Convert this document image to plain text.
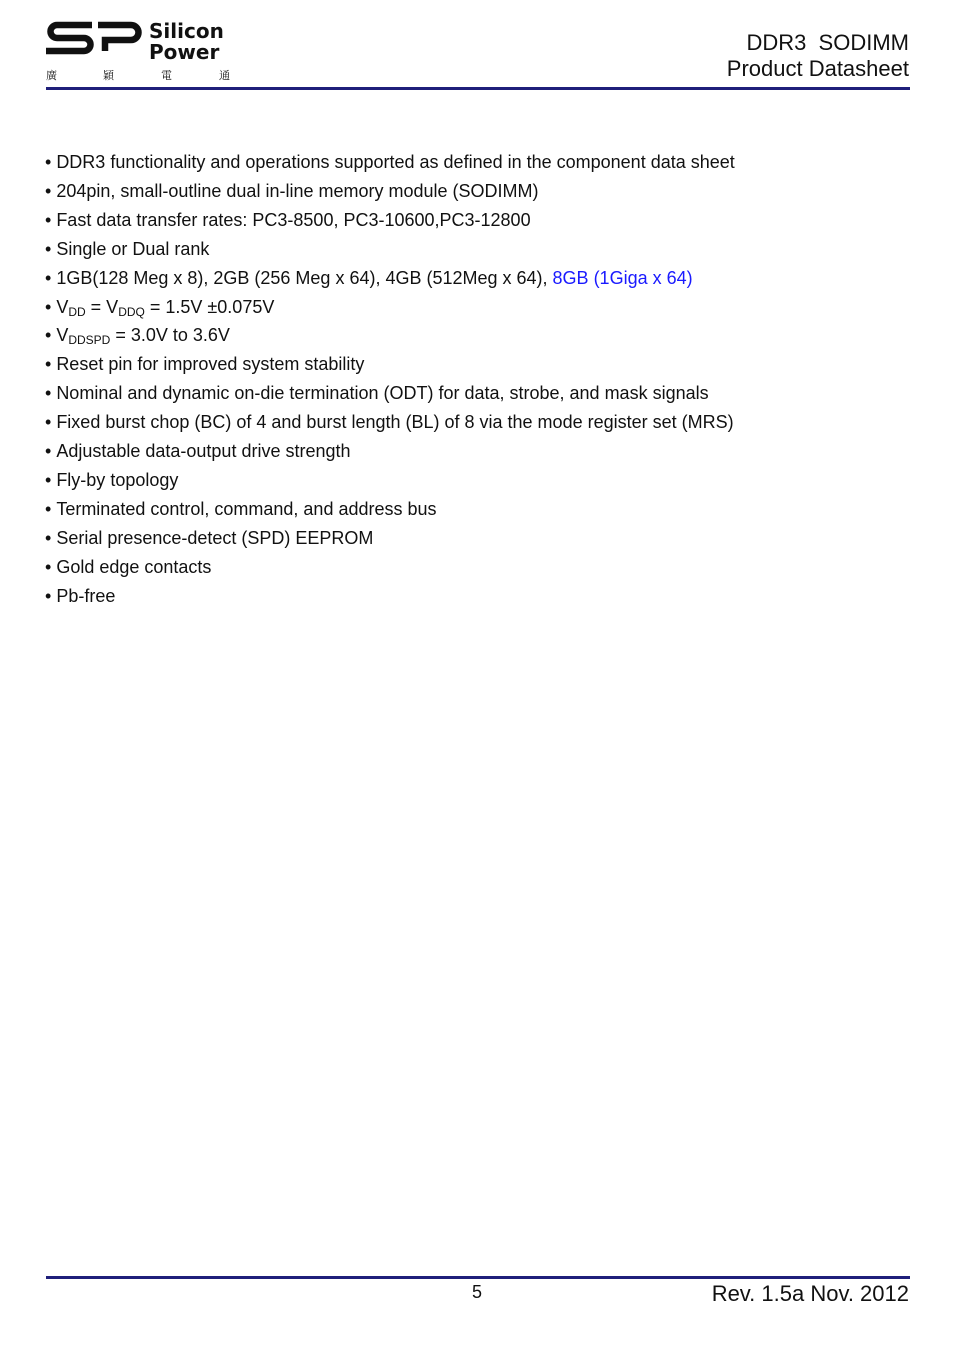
Silicon
Power
廣	穎	電	通
DDR3  SODIMM
Product Datasheet
• DDR3 functionality and operations supported as defined in the component data sheet
• 204pin, small-outline dual in-line memory module (SODIMM)
• Fast data transfer rates: PC3-8500, PC3-10600,PC3-12800
• Single or Dual rank
• 1GB(128 Meg x 8), 2GB (256 Meg x 64), 4GB (512Meg x 64), 8GB (1Giga x 64)
• $V_{DD} = V_{DDQ} = 1.5V \pm 0.075V$
• $V_{DDSPD} = 3.0V$ to 3.6V
• Reset pin for improved system stability
• Nominal and dynamic on-die termination (ODT) for data, strobe, and mask signals
• Fixed burst chop (BC) of 4 and burst length (BL) of 8 via the mode register set (MRS)
• Adjustable data-output drive strength
• Fly-by topology
• Terminated control, command, and address bus
• Serial presence-detect (SPD) EEPROM
• Gold edge contacts
• Pb-free
5	Rev. 1.5a Nov. 2012
